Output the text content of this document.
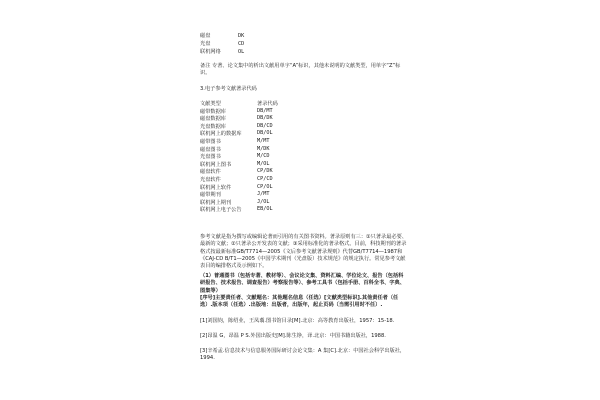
磁盘	DK
光盘	CD
联机网络	OL
备注 专著、论文集中的析出文献用单字“A”标识，其他未说明的文献类型，用单字“Z”标识。
3.电子参考文献著录代码
文献类型	著录代码
磁带数据库	DB/MT
磁盘数据库	DB/DK
光盘数据库	DB/CD
联机网上的数据库	DB/OL
磁带图书	M/MT
磁盘图书	M/DK
光盘图书	M/CD
联机网上图书	M/OL
磁盘软件	CP/DK
光盘软件	CP/CD
联机网上软件	CP/OL
磁带期刊	J/MT
联机网上期刊	J/OL
联机网上电子公告	EB/OL
参考文献是指为撰写或编辑论著而引用的有关图书资料。著录原则有三：①只著录最必要、最新的文献；②只著录公开发表的文献；③采用标准化的著录格式。目前，科技期刊的著录格式按最新标准GB/T7714—2005《文后参考文献著录规则》代替GB/T7714—1987和《CAJ-CD B/T1—2005《中国学术期刊（光盘版）技术规范》的规定执行。常见参考文献表目的编排格式及示例如下。
（1）普通图书（包括专著、教材等）、会议论文集、资料汇编、学位论文、报告（包括科研报告、技术报告、调查报告）考察报告等）、参考工具书（包括手册、百科全书、字典、图集等）
[序号]主要责任者、文献题名：其他题名信息（任选）[文献类型标识].其他责任者（任选）.版本项（任选）.出版地：出版者，出版年，起止页码（当需引用时不任）.
[1]刘国钧，陈绍业，王凤翥.图书馆目录[M].北京：高等教育出版社，1957：15-18.
[2]昂温 G，昂温 P S.外国出版史[M].陈生铮，译.北京：中国书籍出版社，1988.
[3]辛希孟.信息技术与信息服务国际研讨会论文集：A 集[C].北京：中国社会科学出版社，1994.
